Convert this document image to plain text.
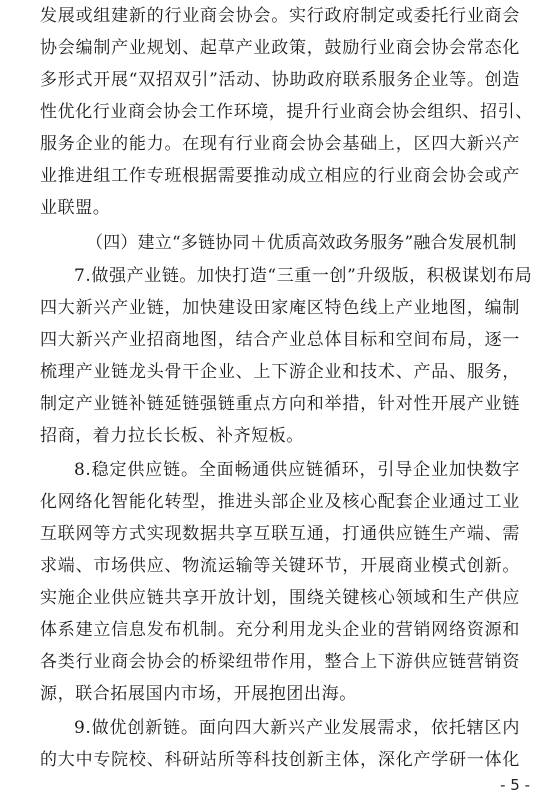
发展或组建新的行业商会协会。实行政府制定或委托行业商会
协会编制产业规划、起草产业政策，鼓励行业商会协会常态化
多形式开展“双招双引”活动、协助政府联系服务企业等。创造
性优化行业商会协会工作环境，提升行业商会协会组织、招引、
服务企业的能力。在现有行业商会协会基础上，区四大新兴产
业推进组工作专班根据需要推动成立相应的行业商会协会或产
业联盟。
（四）建立“多链协同＋优质高效政务服务”融合发展机制
7.做强产业链。加快打造“三重一创”升级版，积极谋划布局
四大新兴产业链，加快建设田家庵区特色线上产业地图，编制
四大新兴产业招商地图，结合产业总体目标和空间布局，逐一
梳理产业链龙头骨干企业、上下游企业和技术、产品、服务，
制定产业链补链延链强链重点方向和举措，针对性开展产业链
招商，着力拉长长板、补齐短板。
8.稳定供应链。全面畅通供应链循环，引导企业加快数字
化网络化智能化转型，推进头部企业及核心配套企业通过工业
互联网等方式实现数据共享互联互通，打通供应链生产端、需
求端、市场供应、物流运输等关键环节，开展商业模式创新。
实施企业供应链共享开放计划，围绕关键核心领域和生产供应
体系建立信息发布机制。充分利用龙头企业的营销网络资源和
各类行业商会协会的桥梁纽带作用，整合上下游供应链营销资
源，联合拓展国内市场，开展抱团出海。
9.做优创新链。面向四大新兴产业发展需求，依托辖区内
的大中专院校、科研站所等科技创新主体，深化产学研一体化
- 5 -
